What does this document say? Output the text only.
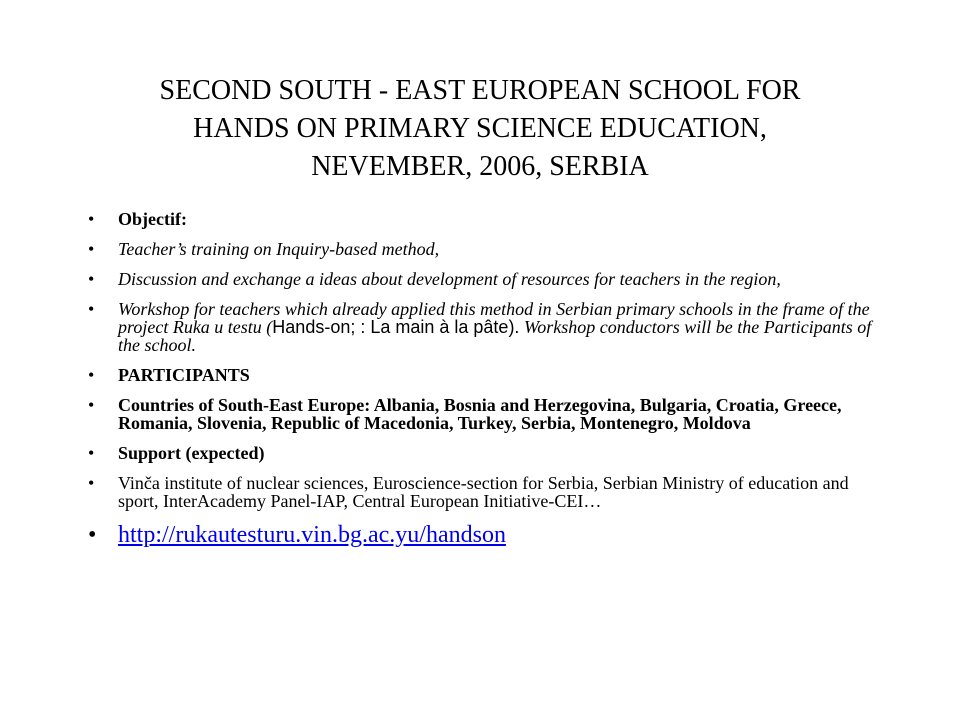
SECOND SOUTH - EAST EUROPEAN SCHOOL FOR
HANDS ON PRIMARY SCIENCE EDUCATION,
NEVEMBER, 2006, SERBIA
• Objectif:
• Teacher’s training on Inquiry-based method,
• Discussion and exchange a ideas about development of resources for teachers in the region,
• Workshop for teachers which already applied this method in Serbian primary schools in the frame of the project Ruka u testu (Hands-on; : La main à la pâte). Workshop conductors will be the Participants of the school.
• PARTICIPANTS
• Countries of South-East Europe: Albania, Bosnia and Herzegovina, Bulgaria, Croatia, Greece, Romania, Slovenia, Republic of Macedonia, Turkey, Serbia, Montenegro, Moldova
• Support (expected)
• Vinča institute of nuclear sciences, Euroscience-section for Serbia, Serbian Ministry of education and sport, InterAcademy Panel-IAP, Central European Initiative-CEI…
• http://rukautesturu.vin.bg.ac.yu/handson
